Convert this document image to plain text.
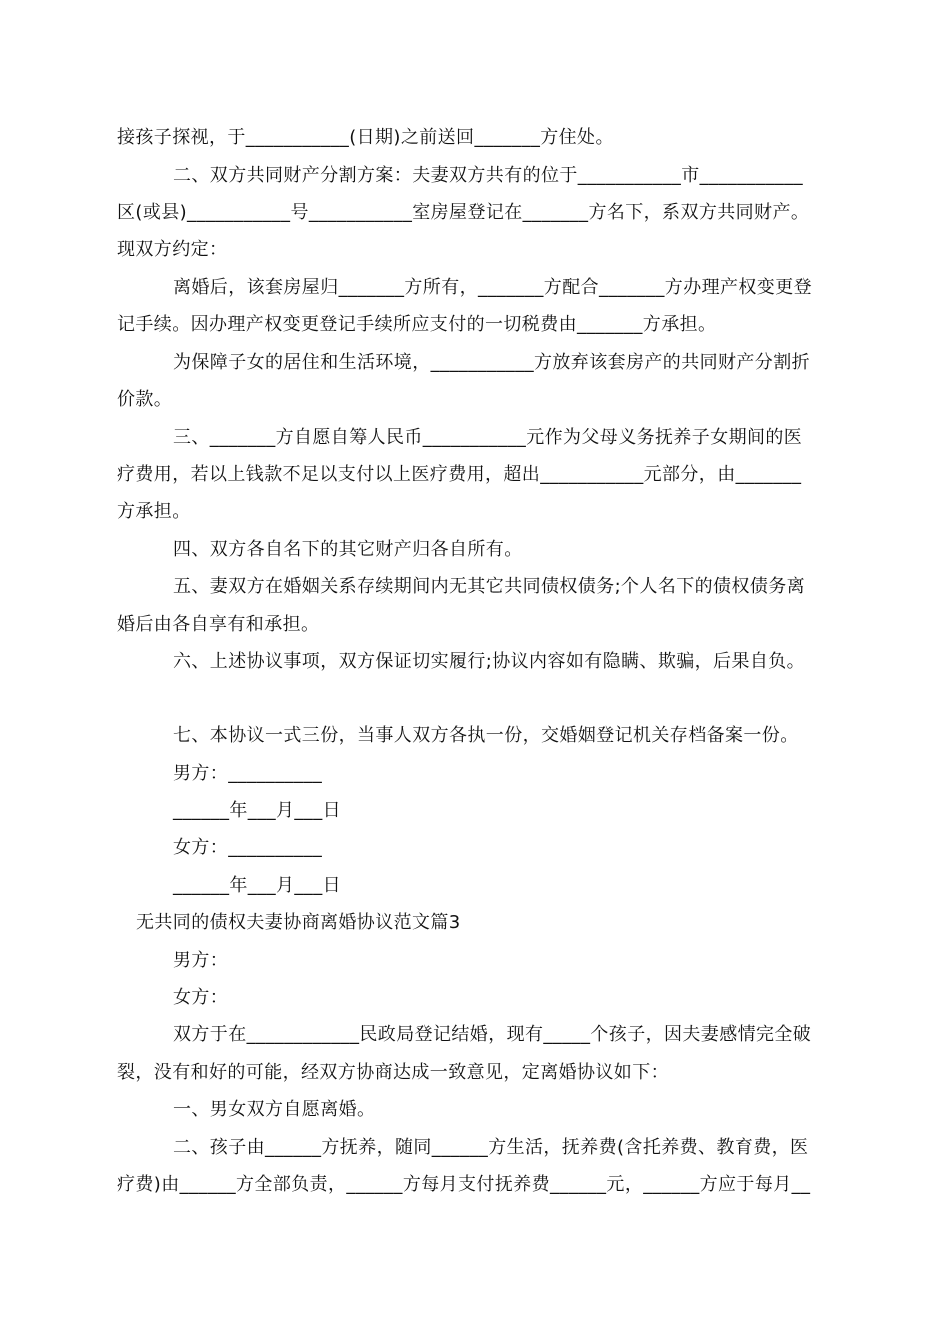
接孩子探视，于___________(日期)之前送回_______方住处。
二、双方共同财产分割方案：夫妻双方共有的位于___________市___________
区(或县)___________号___________室房屋登记在_______方名下，系双方共同财产。
现双方约定：
离婚后，该套房屋归_______方所有，_______方配合_______方办理产权变更登
记手续。因办理产权变更登记手续所应支付的一切税费由_______方承担。
为保障子女的居住和生活环境，___________方放弃该套房产的共同财产分割折
价款。
三、_______方自愿自筹人民币___________元作为父母义务抚养子女期间的医
疗费用，若以上钱款不足以支付以上医疗费用，超出___________元部分，由_______
方承担。
四、双方各自名下的其它财产归各自所有。
五、妻双方在婚姻关系存续期间内无其它共同债权债务;个人名下的债权债务离
婚后由各自享有和承担。
六、上述协议事项，双方保证切实履行;协议内容如有隐瞒、欺骗，后果自负。
七、本协议一式三份，当事人双方各执一份，交婚姻登记机关存档备案一份。
男方：__________
______年___月___日
女方：__________
______年___月___日
无共同的债权夫妻协商离婚协议范文篇3
男方：
女方：
双方于在____________民政局登记结婚，现有_____个孩子，因夫妻感情完全破
裂，没有和好的可能，经双方协商达成一致意见，定离婚协议如下：
一、男女双方自愿离婚。
二、孩子由______方抚养，随同______方生活，抚养费(含托养费、教育费，医
疗费)由______方全部负责，______方每月支付抚养费______元，______方应于每月__
